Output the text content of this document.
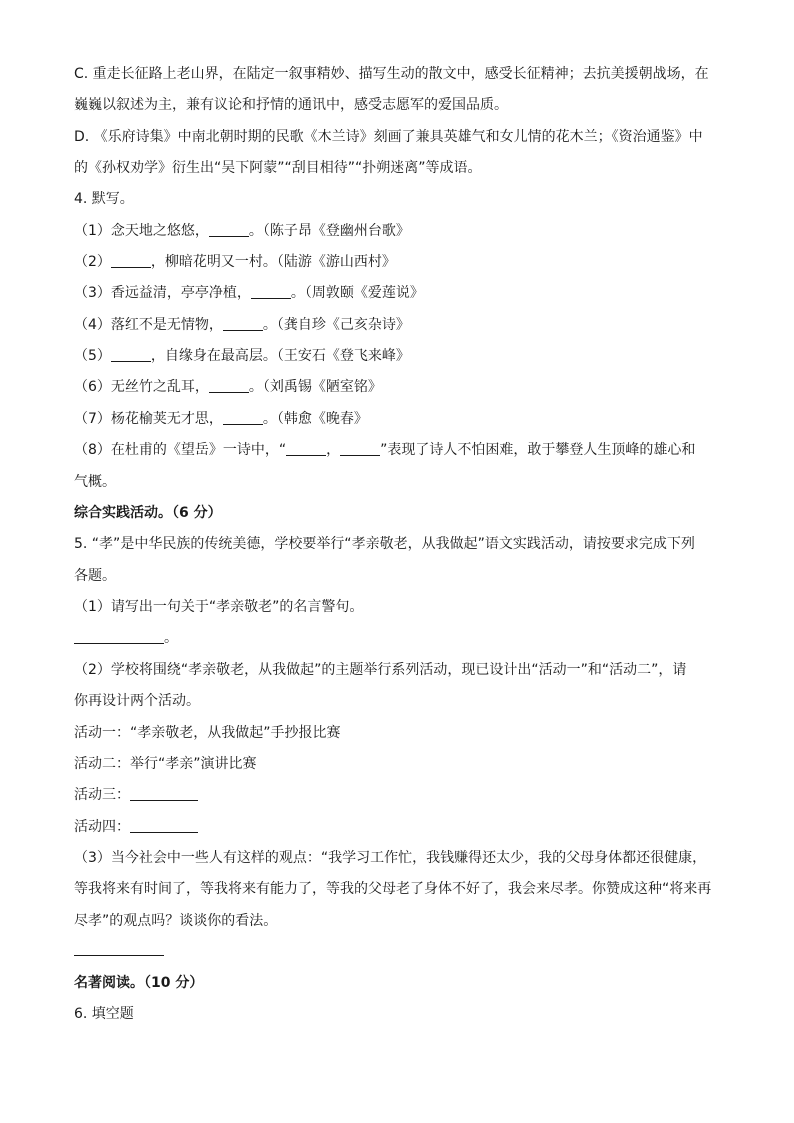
C. 重走长征路上老山界，在陆定一叙事精妙、描写生动的散文中，感受长征精神；去抗美援朝战场，在
巍巍以叙述为主，兼有议论和抒情的通讯中，感受志愿军的爱国品质。
D. 《乐府诗集》中南北朝时期的民歌《木兰诗》刻画了兼具英雄气和女儿情的花木兰；《资治通鉴》中
的《孙权劝学》衍生出“吴下阿蒙”“刮目相待”“扑朔迷离”等成语。
4. 默写。
（1）念天地之悠悠，	。（陈子昂《登幽州台歌》
（2）	，柳暗花明又一村。（陆游《游山西村》
（3）香远益清，亭亭净植，	。（周敦颐《爱莲说》
（4）落红不是无情物，	。（龚自珍《己亥杂诗》
（5）	，自缘身在最高层。（王安石《登飞来峰》
（6）无丝竹之乱耳，	。（刘禹锡《陋室铭》
（7）杨花榆荚无才思，	。（韩愈《晚春》
（8）在杜甫的《望岳》一诗中，“	，	”表现了诗人不怕困难，敢于攀登人生顶峰的雄心和
气概。
综合实践活动。（6 分）
5. “孝”是中华民族的传统美德，学校要举行“孝亲敬老，从我做起”语文实践活动，请按要求完成下列
各题。
（1）请写出一句关于“孝亲敬老”的名言警句。
。
（2）学校将围绕“孝亲敬老，从我做起”的主题举行系列活动，现已设计出“活动一”和“活动二”，请
你再设计两个活动。
活动一：“孝亲敬老，从我做起”手抄报比赛
活动二：举行“孝亲”演讲比赛
活动三：
活动四：
（3）当今社会中一些人有这样的观点：“我学习工作忙，我钱赚得还太少，我的父母身体都还很健康，
等我将来有时间了，等我将来有能力了，等我的父母老了身体不好了，我会来尽孝。你赞成这种“将来再
尽孝”的观点吗？谈谈你的看法。
名著阅读。（10 分）
6. 填空题
